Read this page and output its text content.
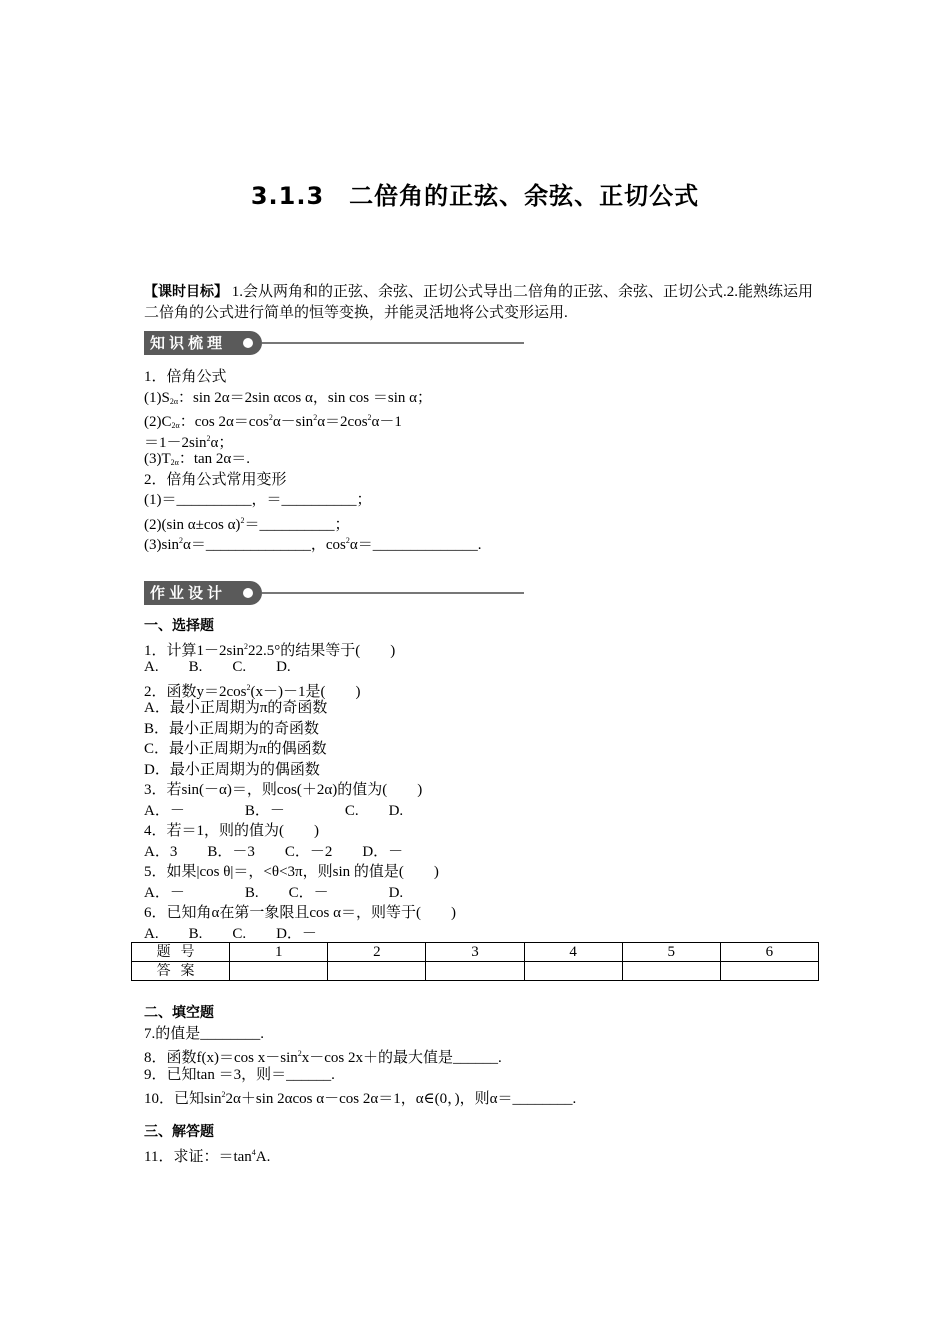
3.1.3　二倍角的正弦、余弦、正切公式
【课时目标】 1.会从两角和的正弦、余弦、正切公式导出二倍角的正弦、余弦、正切公式.2.能熟练运用二倍角的公式进行简单的恒等变换，并能灵活地将公式变形运用.
知识梳理
1．倍角公式
$(1)S_{2\alpha}$：sin 2α＝2sin αcos α，sin cos ＝sin α；
$(2)C_{2\alpha}$：$\cos 2\alpha=\cos^2\alpha-\sin^2\alpha=2\cos^2\alpha-1$
$=1-2\sin^2\alpha$；
$(3)T_{2\alpha}$：tan 2α＝.
2．倍角公式常用变形
(1)＝__________，＝__________；
(2)(sin α±cos α)$^2$＝__________；
$(3)\sin^2\alpha=\_\_\_\_\_\_\_\_\_\_\_\_\_\_$，$\cos^2\alpha=\_\_\_\_\_\_\_\_\_\_\_\_\_\_$.
作业设计
一、选择题
1．计算$1-2\sin^222.5^\circ$的结果等于(　　)
A.　　B.　　C.　　D.
2．函数$y=2\cos^2(x-)-1$是(　　)
A．最小正周期为π的奇函数
B．最小正周期为的奇函数
C．最小正周期为π的偶函数
D．最小正周期为的偶函数
3．若sin(－α)＝，则cos(＋2α)的值为(　　)
A．－　　　　B．－　　　　C.　　D.
4．若＝1，则的值为(　　)
A．3　　B．－3　　C．－2　　D．－
5．如果|cos θ|＝，<θ<3π，则sin 的值是(　　)
A．－　　　　B.　　C．－　　　　D.
6．已知角α在第一象限且cos α＝，则等于(　　)
A.　　B.　　C.　　D．－
题号	1	2	3	4	5	6
答案						
二、填空题
7.的值是________.
8．函数f(x)＝cos $x-\sin^2x-\cos$ 2x＋的最大值是______.
9．已知tan ＝3，则＝______.
10．已知$\sin^22\alpha+\sin$ 2αcos α－cos 2α＝1，α∈(0，)，则α＝________.
三、解答题
11．求证：$=\tan^4A$.
